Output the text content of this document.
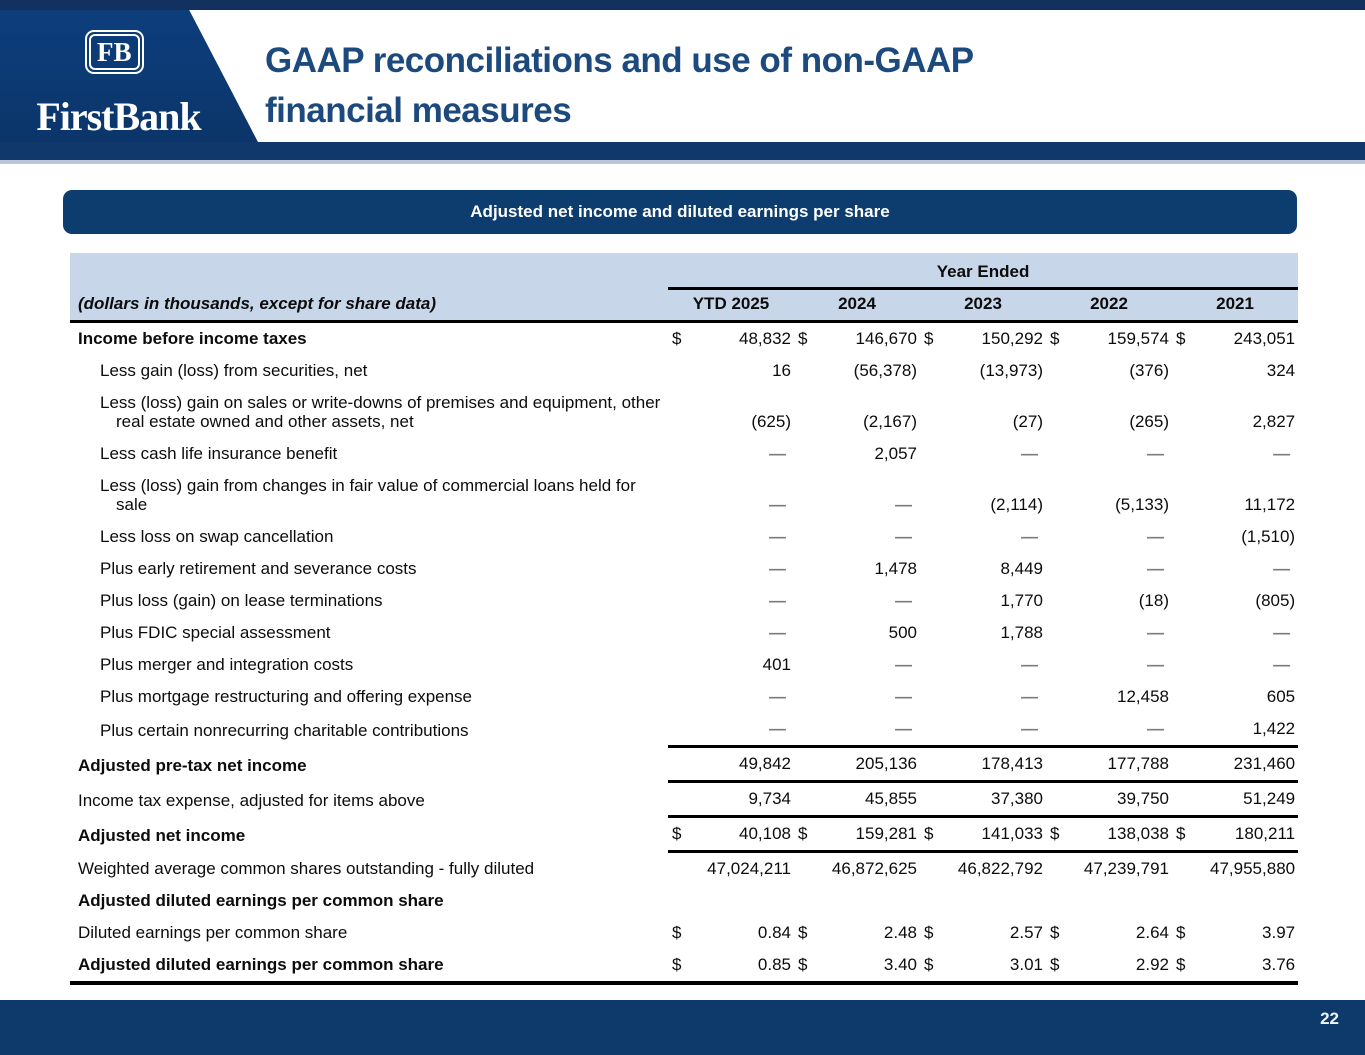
FB
FirstBank
GAAP reconciliations and use of non-GAAP
financial measures
Adjusted net income and diluted earnings per share
	Year Ended									
(dollars in thousands, except for share data)	YTD 2025		2024		2023		2022		2021	
Income before income taxes	$	48,832	$	146,670	$	150,292	$	159,574	$	243,051
Less gain (loss) from securities, net		16		(56,378)		(13,973)		(376)		324
Less (loss) gain on sales or write-downs of premises and equipment, other real estate owned and other assets, net		(625)		(2,167)		(27)		(265)		2,827
Less cash life insurance benefit		—		2,057		—		—		—
Less (loss) gain from changes in fair value of commercial loans held for sale		—		—		(2,114)		(5,133)		11,172
Less loss on swap cancellation		—		—		—		—		(1,510)
Plus early retirement and severance costs		—		1,478		8,449		—		—
Plus loss (gain) on lease terminations		—		—		1,770		(18)		(805)
Plus FDIC special assessment		—		500		1,788		—		—
Plus merger and integration costs		401		—		—		—		—
Plus mortgage restructuring and offering expense		—		—		—		12,458		605
Plus certain nonrecurring charitable contributions		—		—		—		—		1,422
Adjusted pre-tax net income		49,842		205,136		178,413		177,788		231,460
Income tax expense, adjusted for items above		9,734		45,855		37,380		39,750		51,249
Adjusted net income	$	40,108	$	159,281	$	141,033	$	138,038	$	180,211
Weighted average common shares outstanding - fully diluted		47,024,211		46,872,625		46,822,792		47,239,791		47,955,880
Adjusted diluted earnings per common share										
Diluted earnings per common share	$	0.84	$	2.48	$	2.57	$	2.64	$	3.97
Adjusted diluted earnings per common share	$	0.85	$	3.40	$	3.01	$	2.92	$	3.76
22
